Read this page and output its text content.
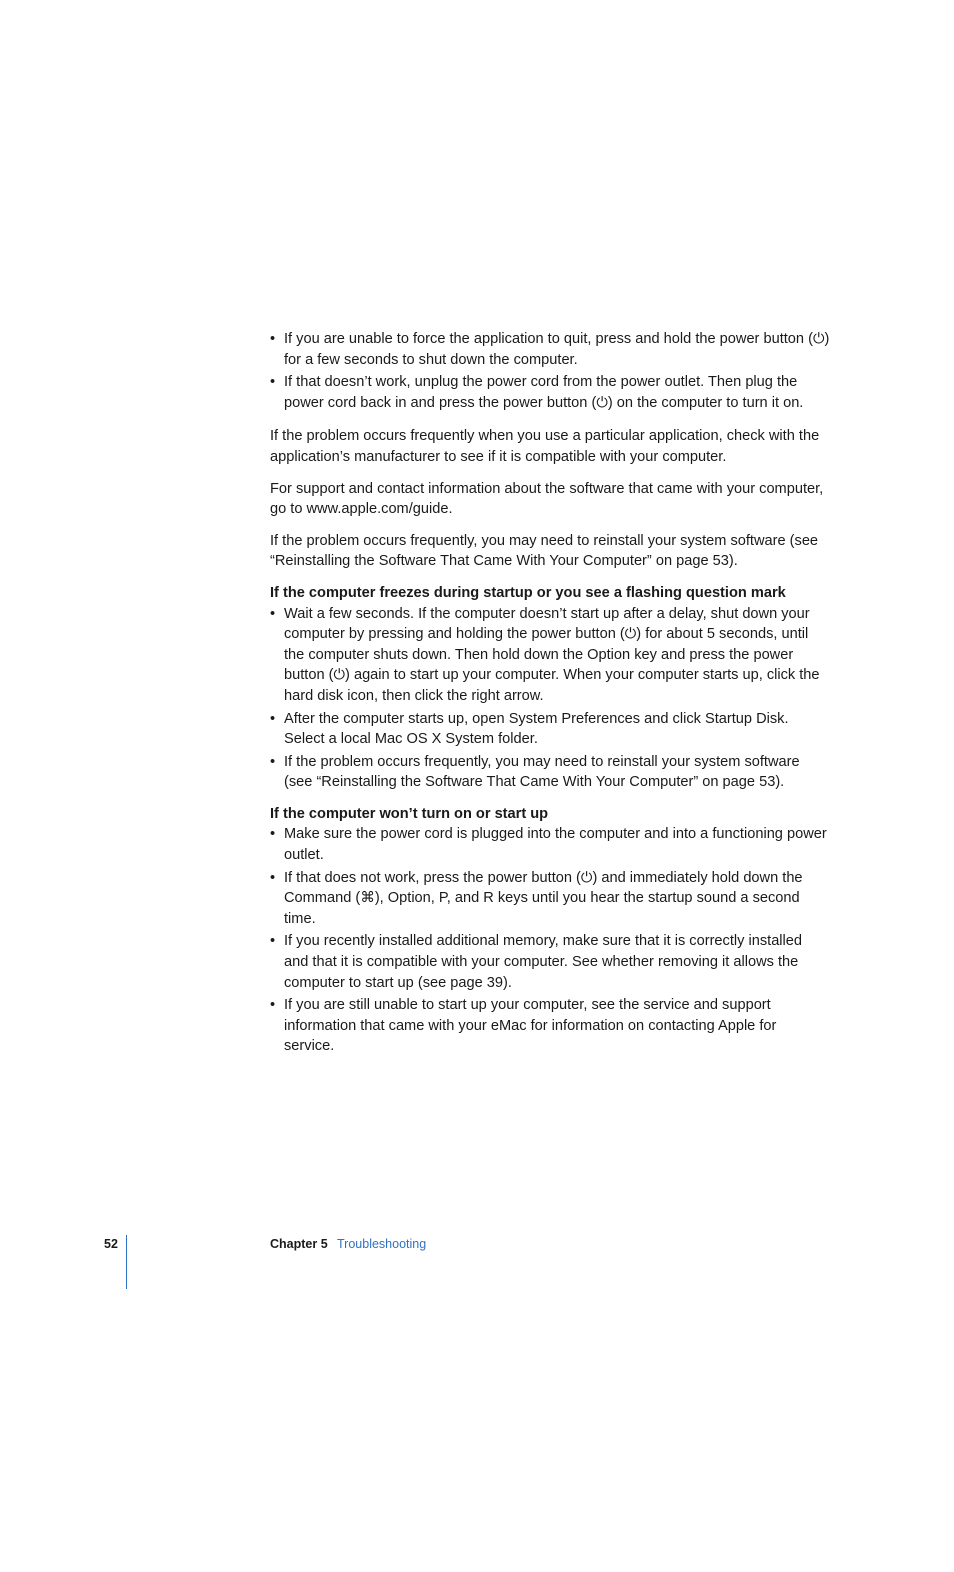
• If you are unable to force the application to quit, press and hold the power button (⏻) for a few seconds to shut down the computer.
• If that doesn’t work, unplug the power cord from the power outlet. Then plug the power cord back in and press the power button (⏻) on the computer to turn it on.

If the problem occurs frequently when you use a particular application, check with the application’s manufacturer to see if it is compatible with your computer.

For support and contact information about the software that came with your computer, go to www.apple.com/guide.

If the problem occurs frequently, you may need to reinstall your system software (see “Reinstalling the Software That Came With Your Computer” on page 53).

If the computer freezes during startup or you see a flashing question mark
• Wait a few seconds. If the computer doesn’t start up after a delay, shut down your computer by pressing and holding the power button (⏻) for about 5 seconds, until the computer shuts down. Then hold down the Option key and press the power button (⏻) again to start up your computer. When your computer starts up, click the hard disk icon, then click the right arrow.
• After the computer starts up, open System Preferences and click Startup Disk. Select a local Mac OS X System folder.
• If the problem occurs frequently, you may need to reinstall your system software (see “Reinstalling the Software That Came With Your Computer” on page 53).
If the computer won’t turn on or start up
• Make sure the power cord is plugged into the computer and into a functioning power outlet.
• If that does not work, press the power button (⏻) and immediately hold down the Command (⌘), Option, P, and R keys until you hear the startup sound a second time.
• If you recently installed additional memory, make sure that it is correctly installed and that it is compatible with your computer. See whether removing it allows the computer to start up (see page 39).
• If you are still unable to start up your computer, see the service and support information that came with your eMac for information on contacting Apple for service.
52	Chapter 5 Troubleshooting
